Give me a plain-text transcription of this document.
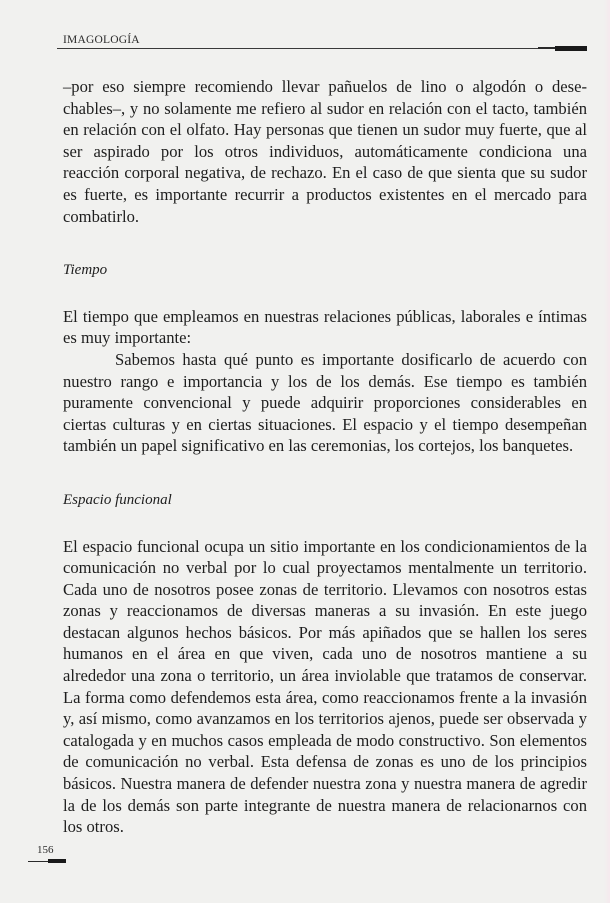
IMAGOLOGÍA

–por eso siempre recomiendo llevar pañuelos de lino o algodón o desechables–, y no solamente me refiero al sudor en relación con el tacto, también en relación con el olfato. Hay personas que tienen un sudor muy fuerte, que al ser aspirado por los otros individuos, automáticamente condiciona una reacción corporal negativa, de rechazo. En el caso de que sienta que su sudor es fuerte, es importante recurrir a productos existentes en el mercado para combatirlo.

Tiempo

El tiempo que empleamos en nuestras relaciones públicas, laborales e íntimas es muy importante:

Sabemos hasta qué punto es importante dosificarlo de acuerdo con nuestro rango e importancia y los de los demás. Ese tiempo es también puramente convencional y puede adquirir proporciones considerables en ciertas culturas y en ciertas situaciones. El espacio y el tiempo desempeñan también un papel significativo en las ceremonias, los cortejos, los banquetes.

Espacio funcional

El espacio funcional ocupa un sitio importante en los condicionamientos de la comunicación no verbal por lo cual proyectamos mentalmente un territorio. Cada uno de nosotros posee zonas de territorio. Llevamos con nosotros estas zonas y reaccionamos de diversas maneras a su invasión. En este juego destacan algunos hechos básicos. Por más apiñados que se hallen los seres humanos en el área en que viven, cada uno de nosotros mantiene a su alrededor una zona o territorio, un área inviolable que tratamos de conservar. La forma como defendemos esta área, como reaccionamos frente a la invasión y, así mismo, como avanzamos en los territorios ajenos, puede ser observada y catalogada y en muchos casos empleada de modo constructivo. Son elementos de comunicación no verbal. Esta defensa de zonas es uno de los principios básicos. Nuestra manera de defender nuestra zona y nuestra manera de agredir la de los demás son parte integrante de nuestra manera de relacionarnos con los otros.

156
